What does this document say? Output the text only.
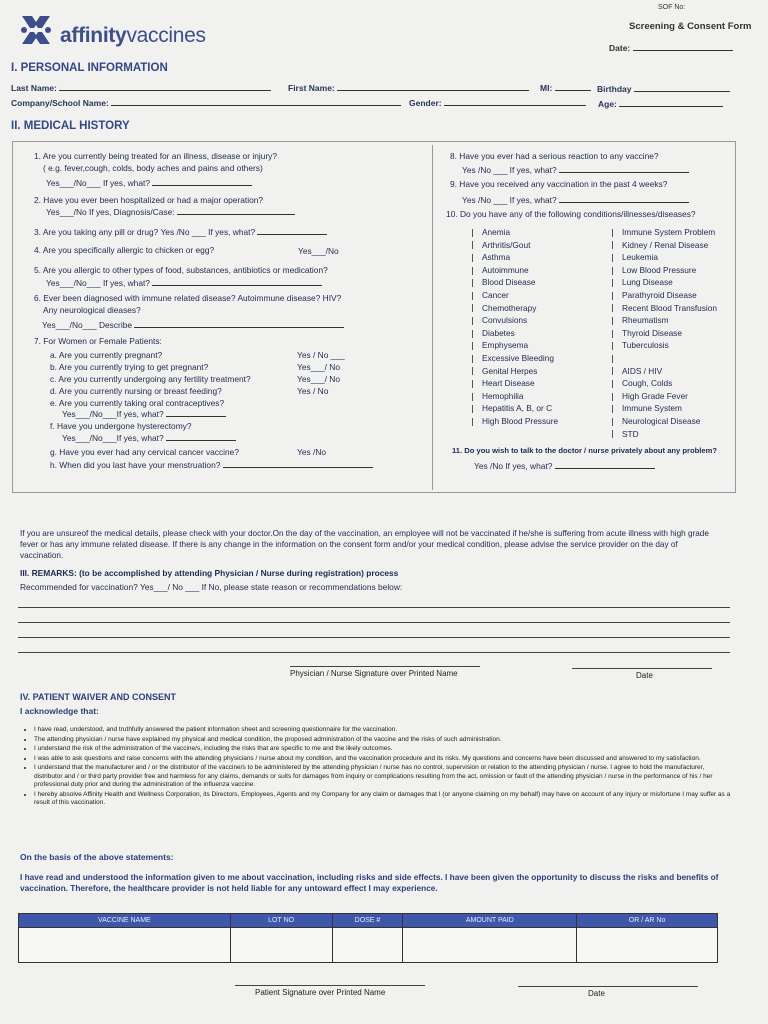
affinityvaccines
SOF No:
Screening & Consent Form
Date:
I. PERSONAL INFORMATION
Last Name:	First Name:	MI:	Birthday
Company/School Name:	Gender:	Age:
II. MEDICAL HISTORY
1. Are you currently being treated for an illness, disease or injury?
( e.g. fever,cough, colds, body aches and pains and others)
Yes___/No___ If yes, what?
2. Have you ever been hospitalized or had a major operation?
Yes___/No If yes, Diagnosis/Case:
3. Are you taking any pill or drug? Yes /No ___ If yes, what?
4. Are you specifically allergic to chicken or egg?	Yes___/No
5. Are you allergic to other types of food, substances, antibiotics or medication?
Yes___/No___ If yes, what?
6. Ever been diagnosed with immune related disease? Autoimmune disease? HIV?
Any neurological dieases?
Yes___/No___ Describe
7. For Women or Female Patients:
a. Are you currently pregnant?	Yes / No ___
b. Are you currently trying to get pregnant?	Yes___/ No
c. Are you currently undergoing any fertility treatment?	Yes___/ No
d. Are you currently nursing or breast feeding?	Yes / No
e. Are you currently taking oral contraceptives?
Yes___/No___If yes, what?
f. Have you undergone hysterectomy?
Yes___/No___If yes, what?
g. Have you ever had any cervical cancer vaccine?	Yes /No
h. When did you last have your menstruation?
8. Have you ever had a serious reaction to any vaccine?
Yes /No ___ If yes, what?
9. Have you received any vaccination in the past 4 weeks?
Yes /No ___ If yes, what?
10. Do you have any of the following conditions/illnesses/diseases?
Anemia
Arthritis/Gout
Asthma
Autoimmune
Blood Disease
Cancer
Chemotherapy
Convulsions
Diabetes
Emphysema
Excessive Bleeding
Genital Herpes
Heart Disease
Hemophilia
Hepatitis A, B, or C
High Blood Pressure
Immune System Problem
Kidney / Renal Disease
Leukemia
Low Blood Pressure
Lung Disease
Parathyroid Disease
Recent Blood Transfusion
Rheumatism
Thyroid Disease
Tuberculosis
AIDS / HIV
Cough, Colds
High Grade Fever
Immune System
Neurological Disease
STD
11. Do you wish to talk to the doctor / nurse privately about any problem?
Yes /No If yes, what?
If you are unsureof the medical details, please check with your doctor.On the day of the vaccination, an employee will not be vaccinated if he/she is suffering from acute illness with high grade fever or has any immune related disease. If there is any change in the information on the consent form and/or your medical condition, please advise the service provider on the day of vaccination.
III. REMARKS: (to be accomplished by attending Physician / Nurse during registration) process
Recommended for vaccination? Yes___/ No ___ If No, please state reason or recommendations below:
Physician / Nurse Signature over Printed Name	Date
IV. PATIENT WAIVER AND CONSENT
I acknowledge that:
• I have read, understood, and truthfully answered the patient information sheet and screening questionnaire for the vaccination.
• The attending physician / nurse have explained my physical and medical condition, the proposed administration of the vaccine and the risks of such administration.
• I understand the risk of the administration of the vaccine/s, including the risks that are specific to me and the likely outcomes.
• I was able to ask questions and raise concerns with the attending physicians / nurse about my condition, and the vaccination procedure and its risks. My questions and concerns have been discussed and answered to my satisfaction.
• I understand that the manufacturer and / or the distributor of the vaccine/s to be administered by the attending physician / nurse has no control, supervision or relation to the attending physician / nurse. I agree to hold the manufacturer, distributor and / or third party provider free and harmless for any claims, demands or suits for damages from inquiry or complications resulting from the act, omission or fault of the attending physician / nurse in the performance of his / her professional duty prior and during the administration of the influenza vaccine.
• I hereby absolve Affinity Health and Wellness Corporation, its Directors, Employees, Agents and my Company for any claim or damages that I (or anyone claiming on my behalf) may have on account of any injury or misfortune I may suffer as a result of this vaccination.
On the basis of the above statements:
I have read and understood the information given to me about vaccination, including risks and side effects. I have been given the opportunity to discuss the risks and benefits of vaccination. Therefore, the healthcare provider is not held liable for any untoward effect I may experience.
VACCINE NAME	LOT NO	DOSE #	AMOUNT PAID	OR / AR No

Patient Signature over Printed Name	Date
